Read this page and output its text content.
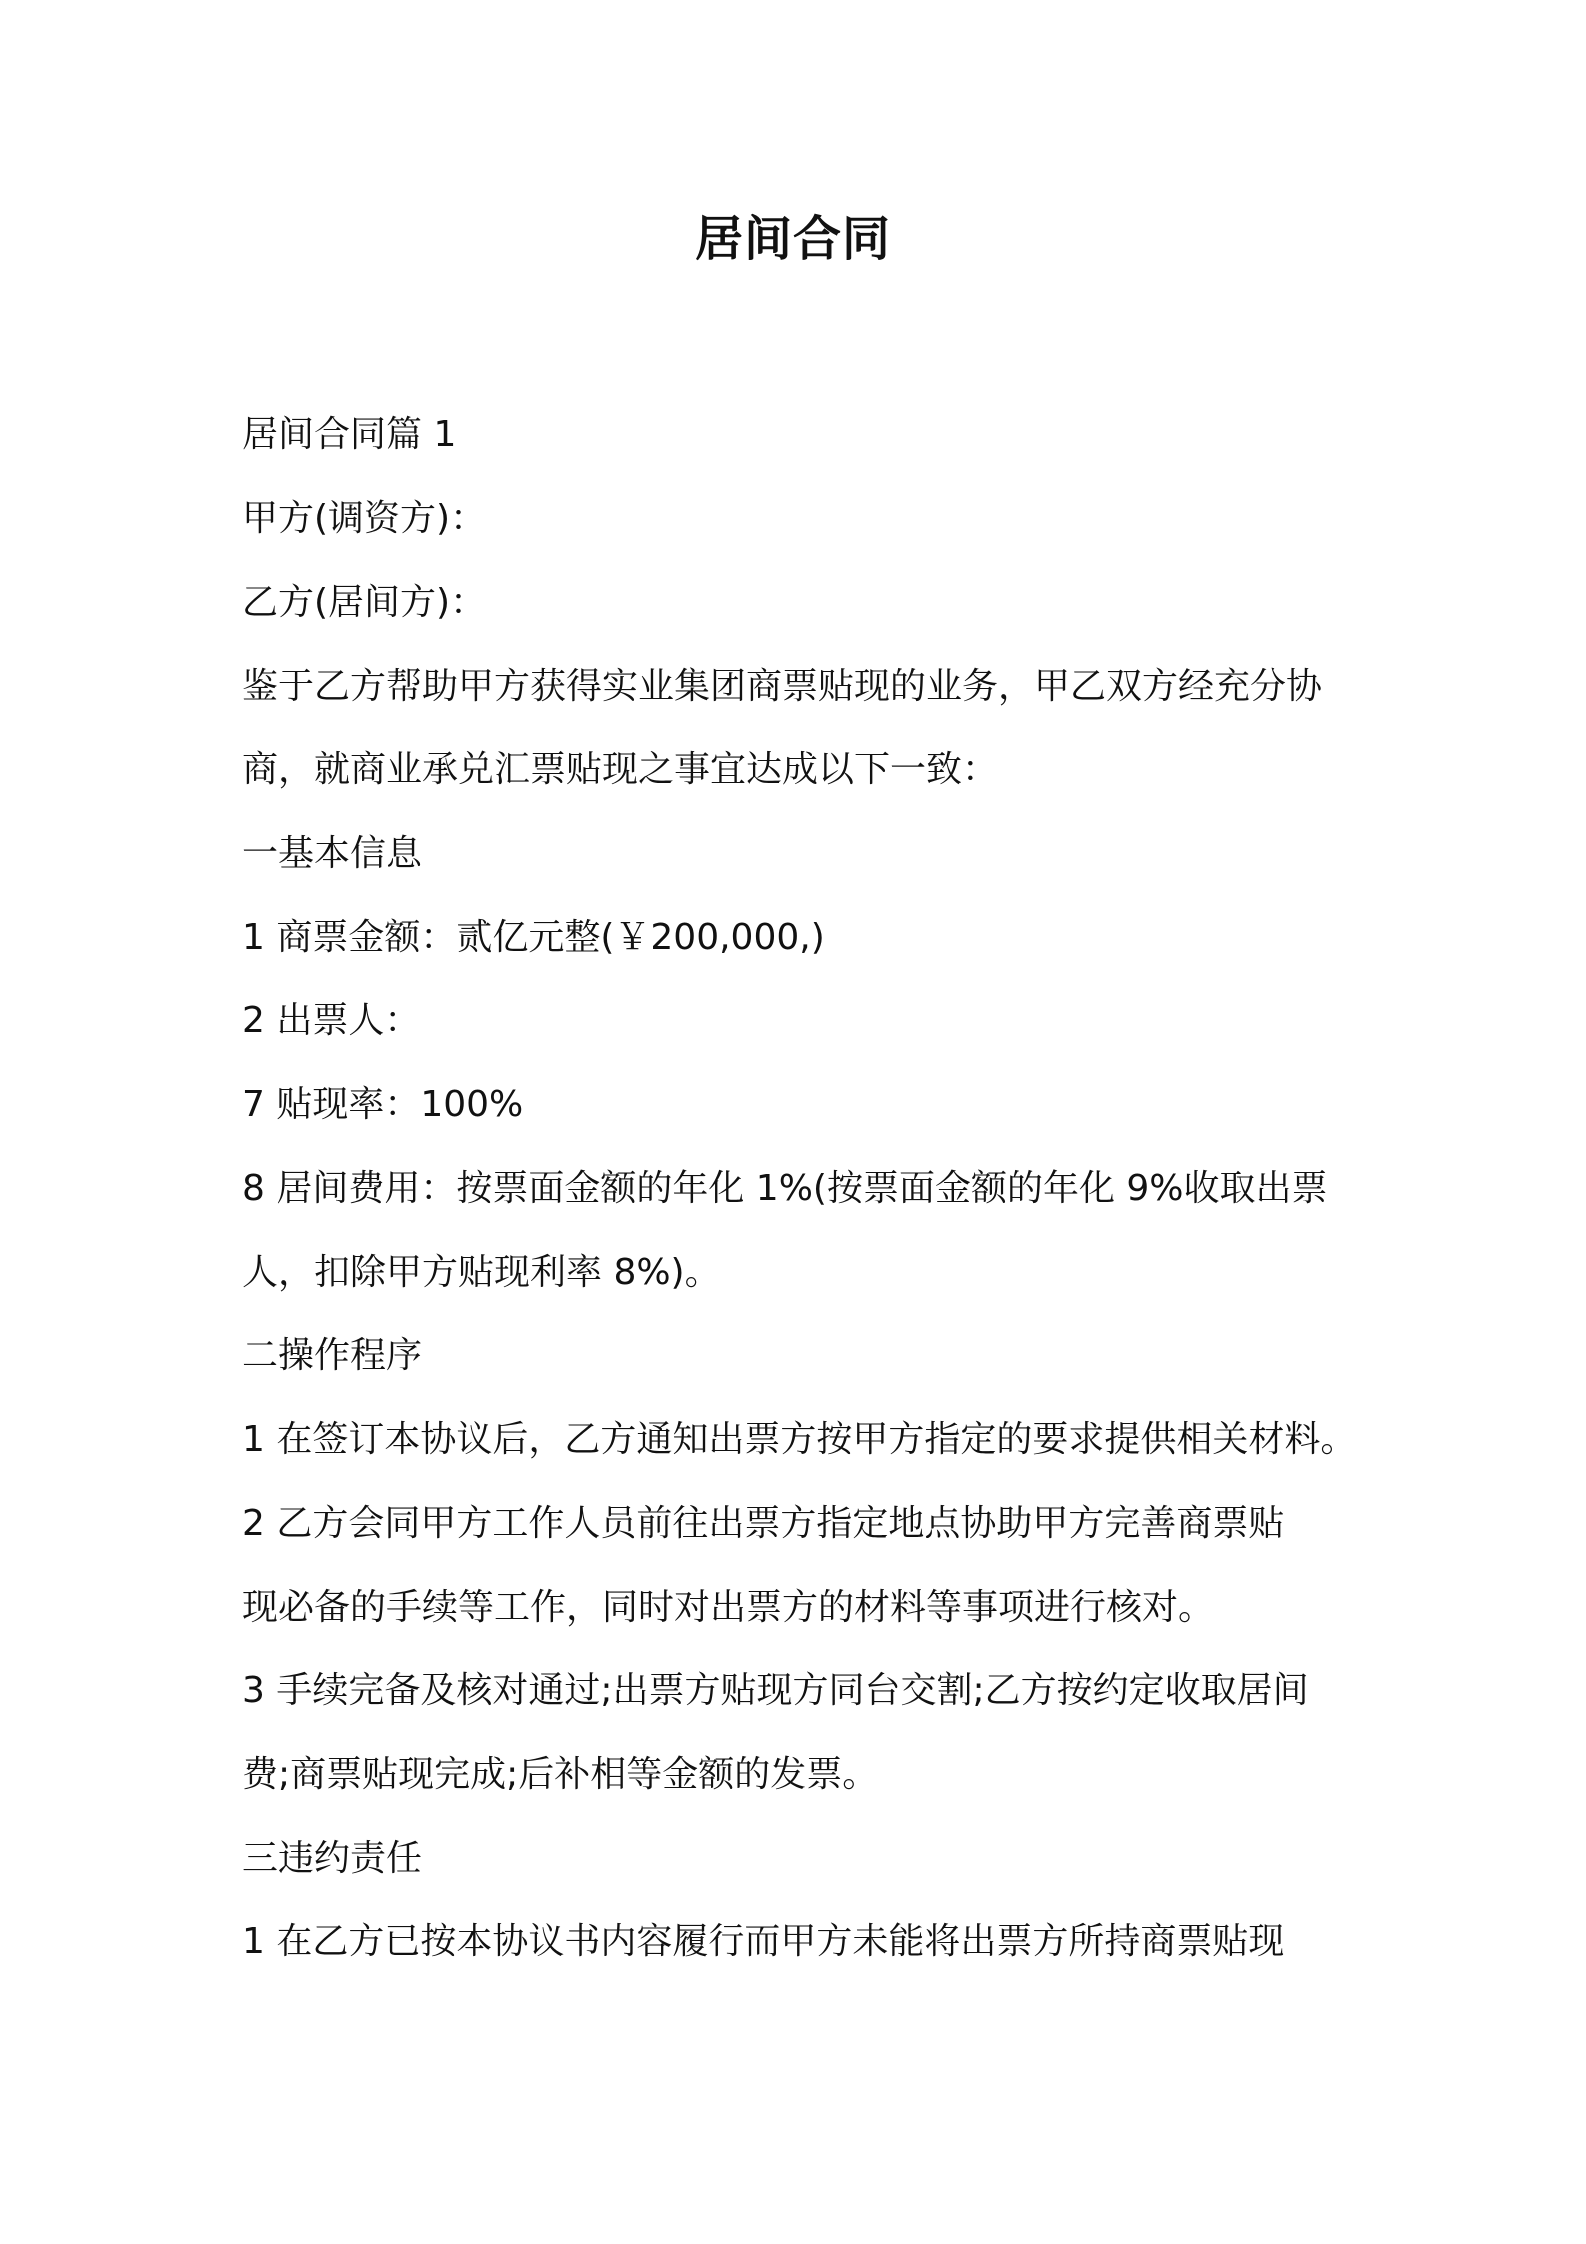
居间合同
居间合同篇 1
甲方(调资方)：
乙方(居间方)：
鉴于乙方帮助甲方获得实业集团商票贴现的业务，甲乙双方经充分协
商，就商业承兑汇票贴现之事宜达成以下一致：
一基本信息
1 商票金额：贰亿元整(￥200,000,)
2 出票人：
7 贴现率：100%
8 居间费用：按票面金额的年化 1%(按票面金额的年化 9%收取出票
人，扣除甲方贴现利率 8%)。
二操作程序
1 在签订本协议后，乙方通知出票方按甲方指定的要求提供相关材料。
2 乙方会同甲方工作人员前往出票方指定地点协助甲方完善商票贴
现必备的手续等工作，同时对出票方的材料等事项进行核对。
3 手续完备及核对通过;出票方贴现方同台交割;乙方按约定收取居间
费;商票贴现完成;后补相等金额的发票。
三违约责任
1 在乙方已按本协议书内容履行而甲方未能将出票方所持商票贴现
